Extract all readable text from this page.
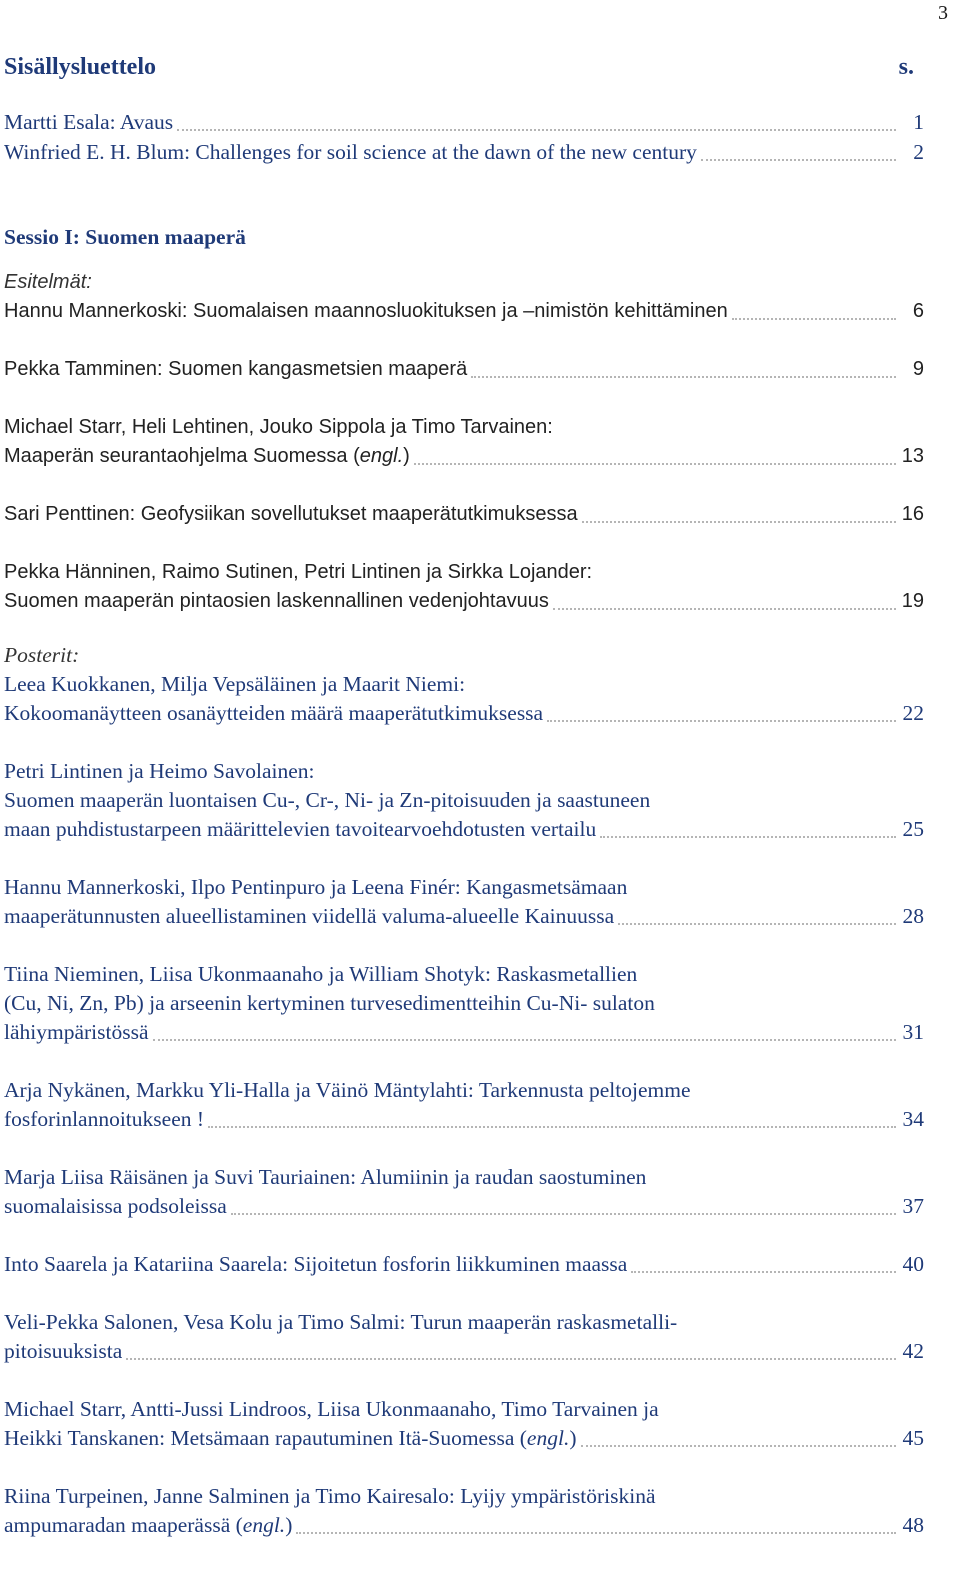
3
Sisällysluettelo	s.
Martti Esala: Avaus	1
Winfried E. H. Blum: Challenges for soil science at the dawn of the new century	2
Sessio I: Suomen maaperä
Esitelmät:
Hannu Mannerkoski: Suomalaisen maannosluokituksen ja –nimistön kehittäminen	6
Pekka Tamminen: Suomen kangasmetsien maaperä	9
Michael Starr, Heli Lehtinen, Jouko Sippola ja Timo Tarvainen:
Maaperän seurantaohjelma Suomessa (engl.)	13
Sari Penttinen: Geofysiikan sovellutukset maaperätutkimuksessa	16
Pekka Hänninen, Raimo Sutinen, Petri Lintinen ja Sirkka Lojander:
Suomen maaperän pintaosien laskennallinen vedenjohtavuus	19
Posterit:
Leea Kuokkanen, Milja Vepsäläinen ja Maarit Niemi:
Kokoomanäytteen osanäytteiden määrä maaperätutkimuksessa	22
Petri Lintinen ja Heimo Savolainen:
Suomen maaperän luontaisen Cu-, Cr-, Ni- ja Zn-pitoisuuden ja saastuneen
maan puhdistustarpeen määrittelevien tavoitearvoehdotusten vertailu	25
Hannu Mannerkoski, Ilpo Pentinpuro ja Leena Finér: Kangasmetsämaan
maaperätunnusten alueellistaminen viidellä valuma-alueelle Kainuussa	28
Tiina Nieminen, Liisa Ukonmaanaho ja William Shotyk: Raskasmetallien
(Cu, Ni, Zn, Pb) ja arseenin kertyminen turvesedimentteihin Cu-Ni- sulaton
lähiympäristössä	31
Arja Nykänen, Markku Yli-Halla ja Väinö Mäntylahti: Tarkennusta peltojemme
fosforinlannoitukseen !	34
Marja Liisa Räisänen ja Suvi Tauriainen: Alumiinin ja raudan saostuminen
suomalaisissa podsoleissa	37
Into Saarela ja Katariina Saarela: Sijoitetun fosforin liikkuminen maassa	40
Veli-Pekka Salonen, Vesa Kolu ja Timo Salmi: Turun maaperän raskasmetalli-
pitoisuuksista	42
Michael Starr, Antti-Jussi Lindroos, Liisa Ukonmaanaho, Timo Tarvainen ja
Heikki Tanskanen: Metsämaan rapautuminen Itä-Suomessa (engl.)	45
Riina Turpeinen, Janne Salminen ja Timo Kairesalo: Lyijy ympäristöriskinä
ampumaradan maaperässä (engl.)	48
